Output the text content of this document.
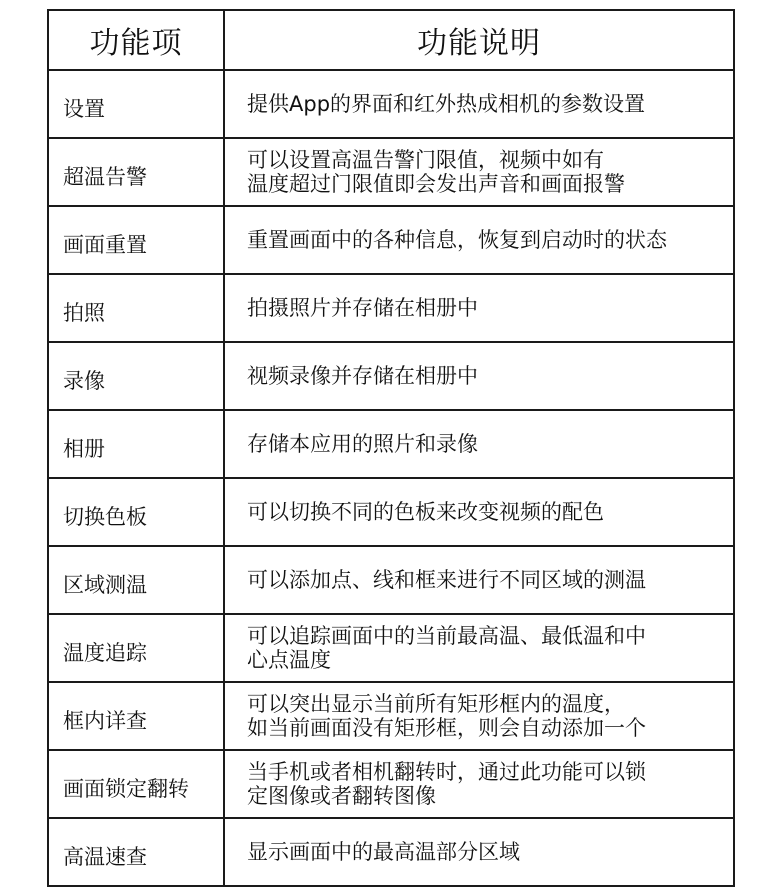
功能项	功能说明
设置	提供App的界面和红外热成相机的参数设置
超温告警	可以设置高温告警门限值，视频中如有
温度超过门限值即会发出声音和画面报警
画面重置	重置画面中的各种信息，恢复到启动时的状态
拍照	拍摄照片并存储在相册中
录像	视频录像并存储在相册中
相册	存储本应用的照片和录像
切换色板	可以切换不同的色板来改变视频的配色
区域测温	可以添加点、线和框来进行不同区域的测温
温度追踪	可以追踪画面中的当前最高温、最低温和中
心点温度
框内详查	可以突出显示当前所有矩形框内的温度，
如当前画面没有矩形框，则会自动添加一个
画面锁定翻转	当手机或者相机翻转时，通过此功能可以锁
定图像或者翻转图像
高温速查	显示画面中的最高温部分区域
